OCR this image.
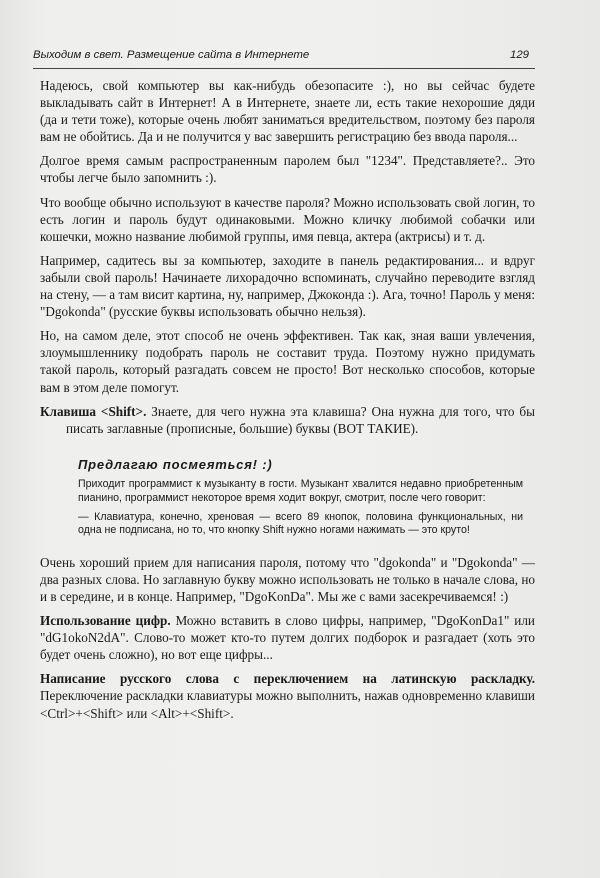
Выходим в свет. Размещение сайта в Интернете	129

Надеюсь, свой компьютер вы как-нибудь обезопасите :), но вы сейчас будете выкладывать сайт в Интернет! А в Интернете, знаете ли, есть такие нехорошие дяди (да и тети тоже), которые очень любят заниматься вредительством, поэтому без пароля вам не обойтись. Да и не получится у вас завершить регистрацию без ввода пароля...

Долгое время самым распространенным паролем был "1234". Представляете?.. Это чтобы легче было запомнить :).

Что вообще обычно используют в качестве пароля? Можно использовать свой логин, то есть логин и пароль будут одинаковыми. Можно кличку любимой собачки или кошечки, можно название любимой группы, имя певца, актера (актрисы) и т. д.

Например, садитесь вы за компьютер, заходите в панель редактирования... и вдруг забыли свой пароль! Начинаете лихорадочно вспоминать, случайно переводите взгляд на стену, — а там висит картина, ну, например, Джоконда :). Ага, точно! Пароль у меня: "Dgokonda" (русские буквы использовать обычно нельзя).

Но, на самом деле, этот способ не очень эффективен. Так как, зная ваши увлечения, злоумышленнику подобрать пароль не составит труда. Поэтому нужно придумать такой пароль, который разгадать совсем не просто! Вот несколько способов, которые вам в этом деле помогут.

Клавиша <Shift>. Знаете, для чего нужна эта клавиша? Она нужна для того, что бы писать заглавные (прописные, большие) буквы (ВОТ ТАКИЕ).

Предлагаю посмеяться! :)

Приходит программист к музыканту в гости. Музыкант хвалится недавно приобретенным пианино, программист некоторое время ходит вокруг, смотрит, после чего говорит:

— Клавиатура, конечно, хреновая — всего 89 кнопок, половина функциональных, ни одна не подписана, но то, что кнопку Shift нужно ногами нажимать — это круто!

Очень хороший прием для написания пароля, потому что "dgokonda" и "Dgokonda" — два разных слова. Но заглавную букву можно использовать не только в начале слова, но и в середине, и в конце. Например, "DgoKonDa". Мы же с вами засекречиваемся! :)

Использование цифр. Можно вставить в слово цифры, например, "DgoKonDa1" или "dG1okoN2dA". Слово-то может кто-то путем долгих подборок и разгадает (хоть это будет очень сложно), но вот еще цифры...

Написание русского слова с переключением на латинскую раскладку. Переключение раскладки клавиатуры можно выполнить, нажав одновременно клавиши <Ctrl>+<Shift> или <Alt>+<Shift>.
